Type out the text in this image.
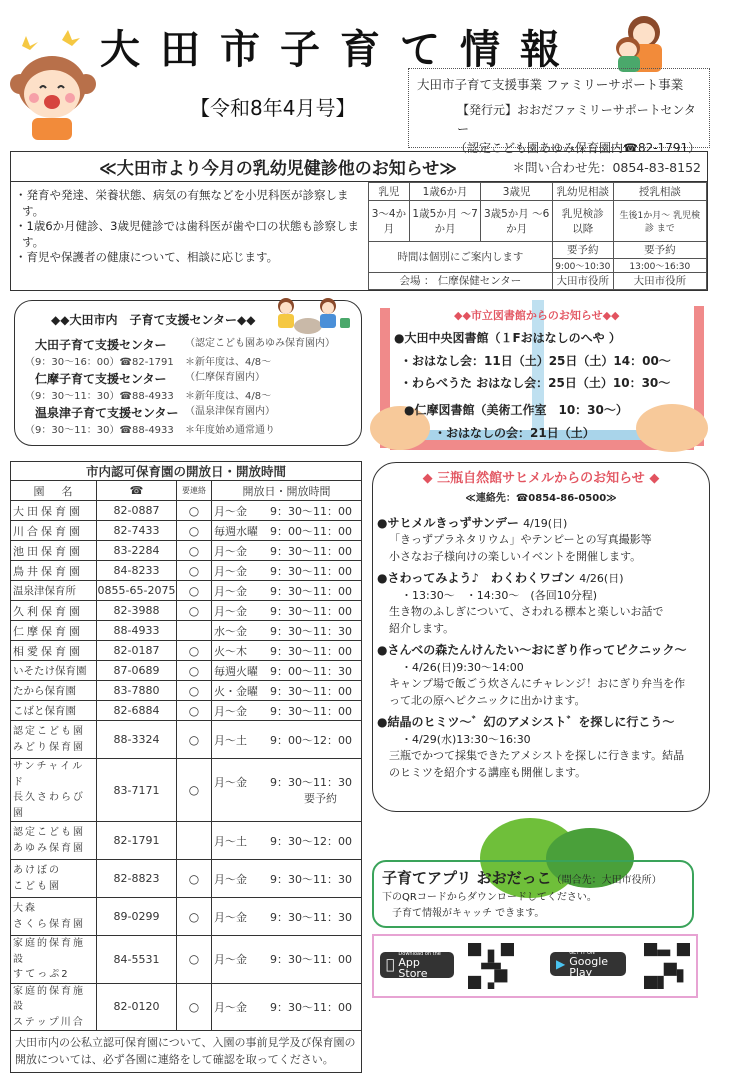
大田市子育て情報
【令和8年4月号】
大田市子育て支援事業 ファミリーサポート事業
【発行元】おおだファミリーサポートセンター
（認定こども園あゆみ保育園内☎82-1791）
≪大田市より今月の乳幼児健診他のお知らせ≫	＊問い合わせ先：0854-83-8152

・発育や発達、栄養状態、病気の有無などを小児科医が診察します。

・1歳6か月健診、3歳児健診では歯科医が歯や口の状態も診察します。

・育児や保護者の健康について、相談に応じます。

乳児	1歳6か月	3歳児	乳幼児相談	授乳相談
3～4か月	1歳5か月 ～7か月	3歳5か月 ～6か月	乳児検診 以降	生後1か月～ 乳児検診 まで
時間は個別にご案内します			要予約	要予約
			9:00～10:30	13:00～16:30
会場 ： 仁摩保健センター			大田市役所	大田市役所
◆◆大田市内　子育て支援センター◆◆
大田子育て支援センター	（認定こども園あゆみ保育園内）
（9：30～16：00）☎82-1791	＊新年度は、4/8～
仁摩子育て支援センター	（仁摩保育園内）
（9：30～11：30）☎88-4933	＊新年度は、4/8～
温泉津子育て支援センター （温泉津保育園内）
（9：30～11：30）☎88-4933	＊年度始め通常通り
◆◆市立図書館からのお知らせ◆◆
●大田中央図書館（１Fおはなしのへや ）
・おはなし会：11日（土）25日（土）14：00～
・わらべうた おはなし会：25日（土）10：30～
●仁摩図書館（美術工作室　10：30～）
・おはなしの会：21日（土）
市内認可保育園の開放日・開放時間			
園　名	☎	要連絡	開放日・開放時間
大田保育園	82-0887	○	月～金 9：30～11：00
川合保育園	82-7433	○	毎週水曜 9：00～11：00
池田保育園	83-2284	○	月～金 9：30～11：00
鳥井保育園	84-8233	○	月～金 9：30～11：00
温泉津保育所	0855-65-2075	○	月～金 9：30～11：00
久利保育園	82-3988	○	月～金 9：30～11：00
仁摩保育園	88-4933		水～金 9：30～11：30
相愛保育園	82-0187	○	火～木 9：30～11：00
いそたけ保育園	87-0689	○	毎週火曜 9：00～11：30
たから保育園	83-7880	○	火・金曜 9：30～11：00
こばと保育園	82-6884	○	月～金 9：30～11：00
認定こども園
みどり保育園	88-3324	○	月～土 9：00～12：00
サンチャイルド
長久さわらび園	83-7171	○	月～金 9：30～11：30
要予約
認定こども園
あゆみ保育園	82-1791		月～土 9：30～12：00
あけぼの
こども園	82-8823	○	月～金 9：30～11：30
大森
さくら保育園	89-0299	○	月～金 9：30～11：30
家庭的保育施設
すてっぷ2	84-5531	○	月～金 9：30～11：00
家庭的保育施設
ステップ川合	82-0120	○	月～金 9：30～11：00
大田市内の公私立認可保育園について、入園の事前見学及び保育園の開放については、必ず各園に連絡をして確認を取ってください。			
◆ 三瓶自然館サヒメルからのお知らせ ◆
≪連絡先：☎0854-86-0500≫
●サヒメルきっずサンデー 4/19(日)
「きっずプラネタリウム」やテンピーとの写真撮影等
小さなお子様向けの楽しいイベントを開催します。
●さわってみよう♪　わくわくワゴン 4/26(日)
・13:30～　・14:30～　(各回10分程)
生き物のふしぎについて、さわれる標本と楽しいお話で
紹介します。
●さんべの森たんけんたい～おにぎり作ってピクニック～
・4/26(日)9:30～14:00
キャンプ場で飯ごう炊さんにチャレンジ！おにぎり弁当を作
って北の原へピクニックに出かけます。
●結晶のヒミツ～゛幻のアメシスト゛を探しに行こう～
・4/29(水)13:30～16:30
三瓶でかつて採集できたアメシストを探しに行きます。結晶
のヒミツを紹介する講座も開催します。
子育てアプリ おおだっこ（問合先：大田市役所）
下のQRコードからダウンロードしてください。
子育て情報がキャッチ できます。
Download on the
App Store	▶
GET IT ON
Google Play
